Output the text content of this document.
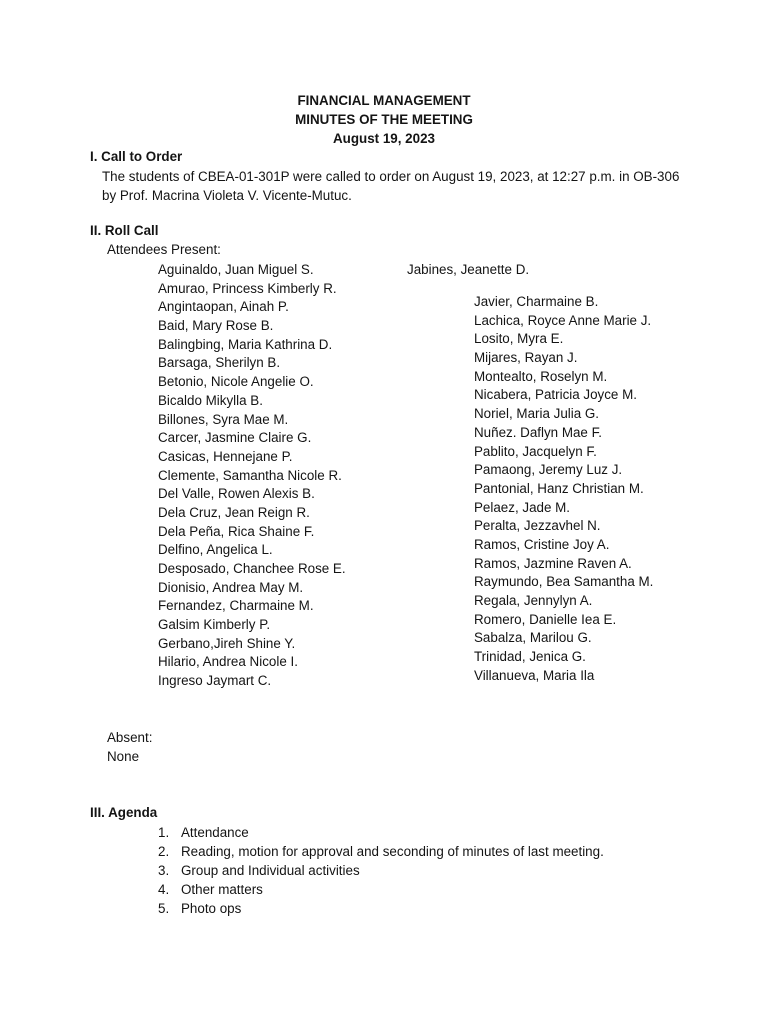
FINANCIAL MANAGEMENT
MINUTES OF THE MEETING
August 19, 2023
I. Call to Order
The students of CBEA-01-301P were called to order on August 19, 2023, at 12:27 p.m. in OB-306 by Prof. Macrina Violeta V. Vicente-Mutuc.
II. Roll Call
Attendees Present:
Aguinaldo, Juan Miguel S.
Amurao, Princess Kimberly R.
Angintaopan, Ainah P.
Baid, Mary Rose B.
Balingbing, Maria Kathrina D.
Barsaga, Sherilyn B.
Betonio, Nicole Angelie O.
Bicaldo Mikylla B.
Billones, Syra Mae M.
Carcer, Jasmine Claire G.
Casicas, Hennejane P.
Clemente, Samantha Nicole R.
Del Valle, Rowen Alexis B.
Dela Cruz, Jean Reign R.
Dela Peña, Rica Shaine F.
Delfino, Angelica L.
Desposado, Chanchee Rose E.
Dionisio, Andrea May M.
Fernandez, Charmaine M.
Galsim Kimberly P.
Gerbano,Jireh Shine Y.
Hilario, Andrea Nicole I.
Ingreso Jaymart C.
Jabines, Jeanette D.
Javier, Charmaine B.
Lachica, Royce Anne Marie J.
Losito, Myra E.
Mijares, Rayan J.
Montealto, Roselyn M.
Nicabera, Patricia Joyce M.
Noriel, Maria Julia G.
Nuñez. Daflyn Mae F.
Pablito, Jacquelyn F.
Pamaong, Jeremy Luz J.
Pantonial, Hanz Christian M.
Pelaez, Jade M.
Peralta, Jezzavhel N.
Ramos, Cristine Joy A.
Ramos, Jazmine Raven A.
Raymundo, Bea Samantha M.
Regala, Jennylyn A.
Romero, Danielle Iea E.
Sabalza, Marilou G.
Trinidad, Jenica G.
Villanueva, Maria Ila
Absent:
None
III. Agenda
1. Attendance
2. Reading, motion for approval and seconding of minutes of last meeting.
3. Group and Individual activities
4. Other matters
5. Photo ops
